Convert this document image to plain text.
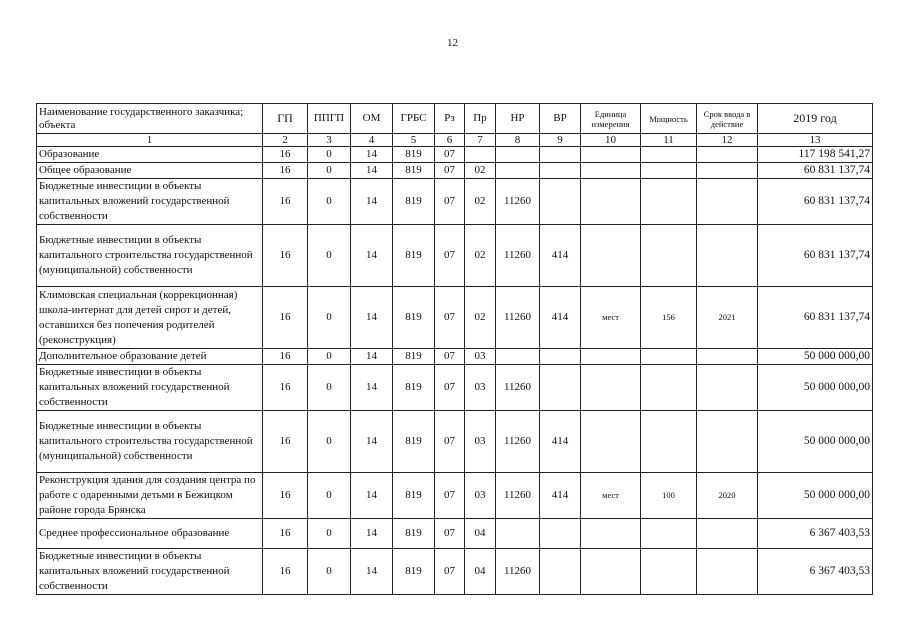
12
Наименование государственного заказчика; объекта	ГП	ППГП	ОМ	ГРБС	Рз	Пр	НР	ВР	Единица измерения	Мощность	Срок ввода в действие	2019 год
1	2	3	4	5	6	7	8	9	10	11	12	13
Образование	16	0	14	819	07							117 198 541,27
Общее образование	16	0	14	819	07	02						60 831 137,74
Бюджетные инвестиции в объекты капитальных вложений государственной собственности	16	0	14	819	07	02	11260					60 831 137,74
Бюджетные инвестиции в объекты капитального строительства государственной (муниципальной) собственности	16	0	14	819	07	02	11260	414				60 831 137,74
Климовская специальная (коррекционная) школа-интернат для детей сирот и детей, оставшихся без попечения родителей (реконструкция)	16	0	14	819	07	02	11260	414	мест	156	2021	60 831 137,74
Дополнительное образование детей	16	0	14	819	07	03						50 000 000,00
Бюджетные инвестиции в объекты капитальных вложений государственной собственности	16	0	14	819	07	03	11260					50 000 000,00
Бюджетные инвестиции в объекты капитального строительства государственной (муниципальной) собственности	16	0	14	819	07	03	11260	414				50 000 000,00
Реконструкция здания для создания центра по работе с одаренными детьми в Бежицком районе города Брянска	16	0	14	819	07	03	11260	414	мест	100	2020	50 000 000,00
Среднее профессиональное образование	16	0	14	819	07	04						6 367 403,53
Бюджетные инвестиции в объекты капитальных вложений государственной собственности	16	0	14	819	07	04	11260					6 367 403,53
